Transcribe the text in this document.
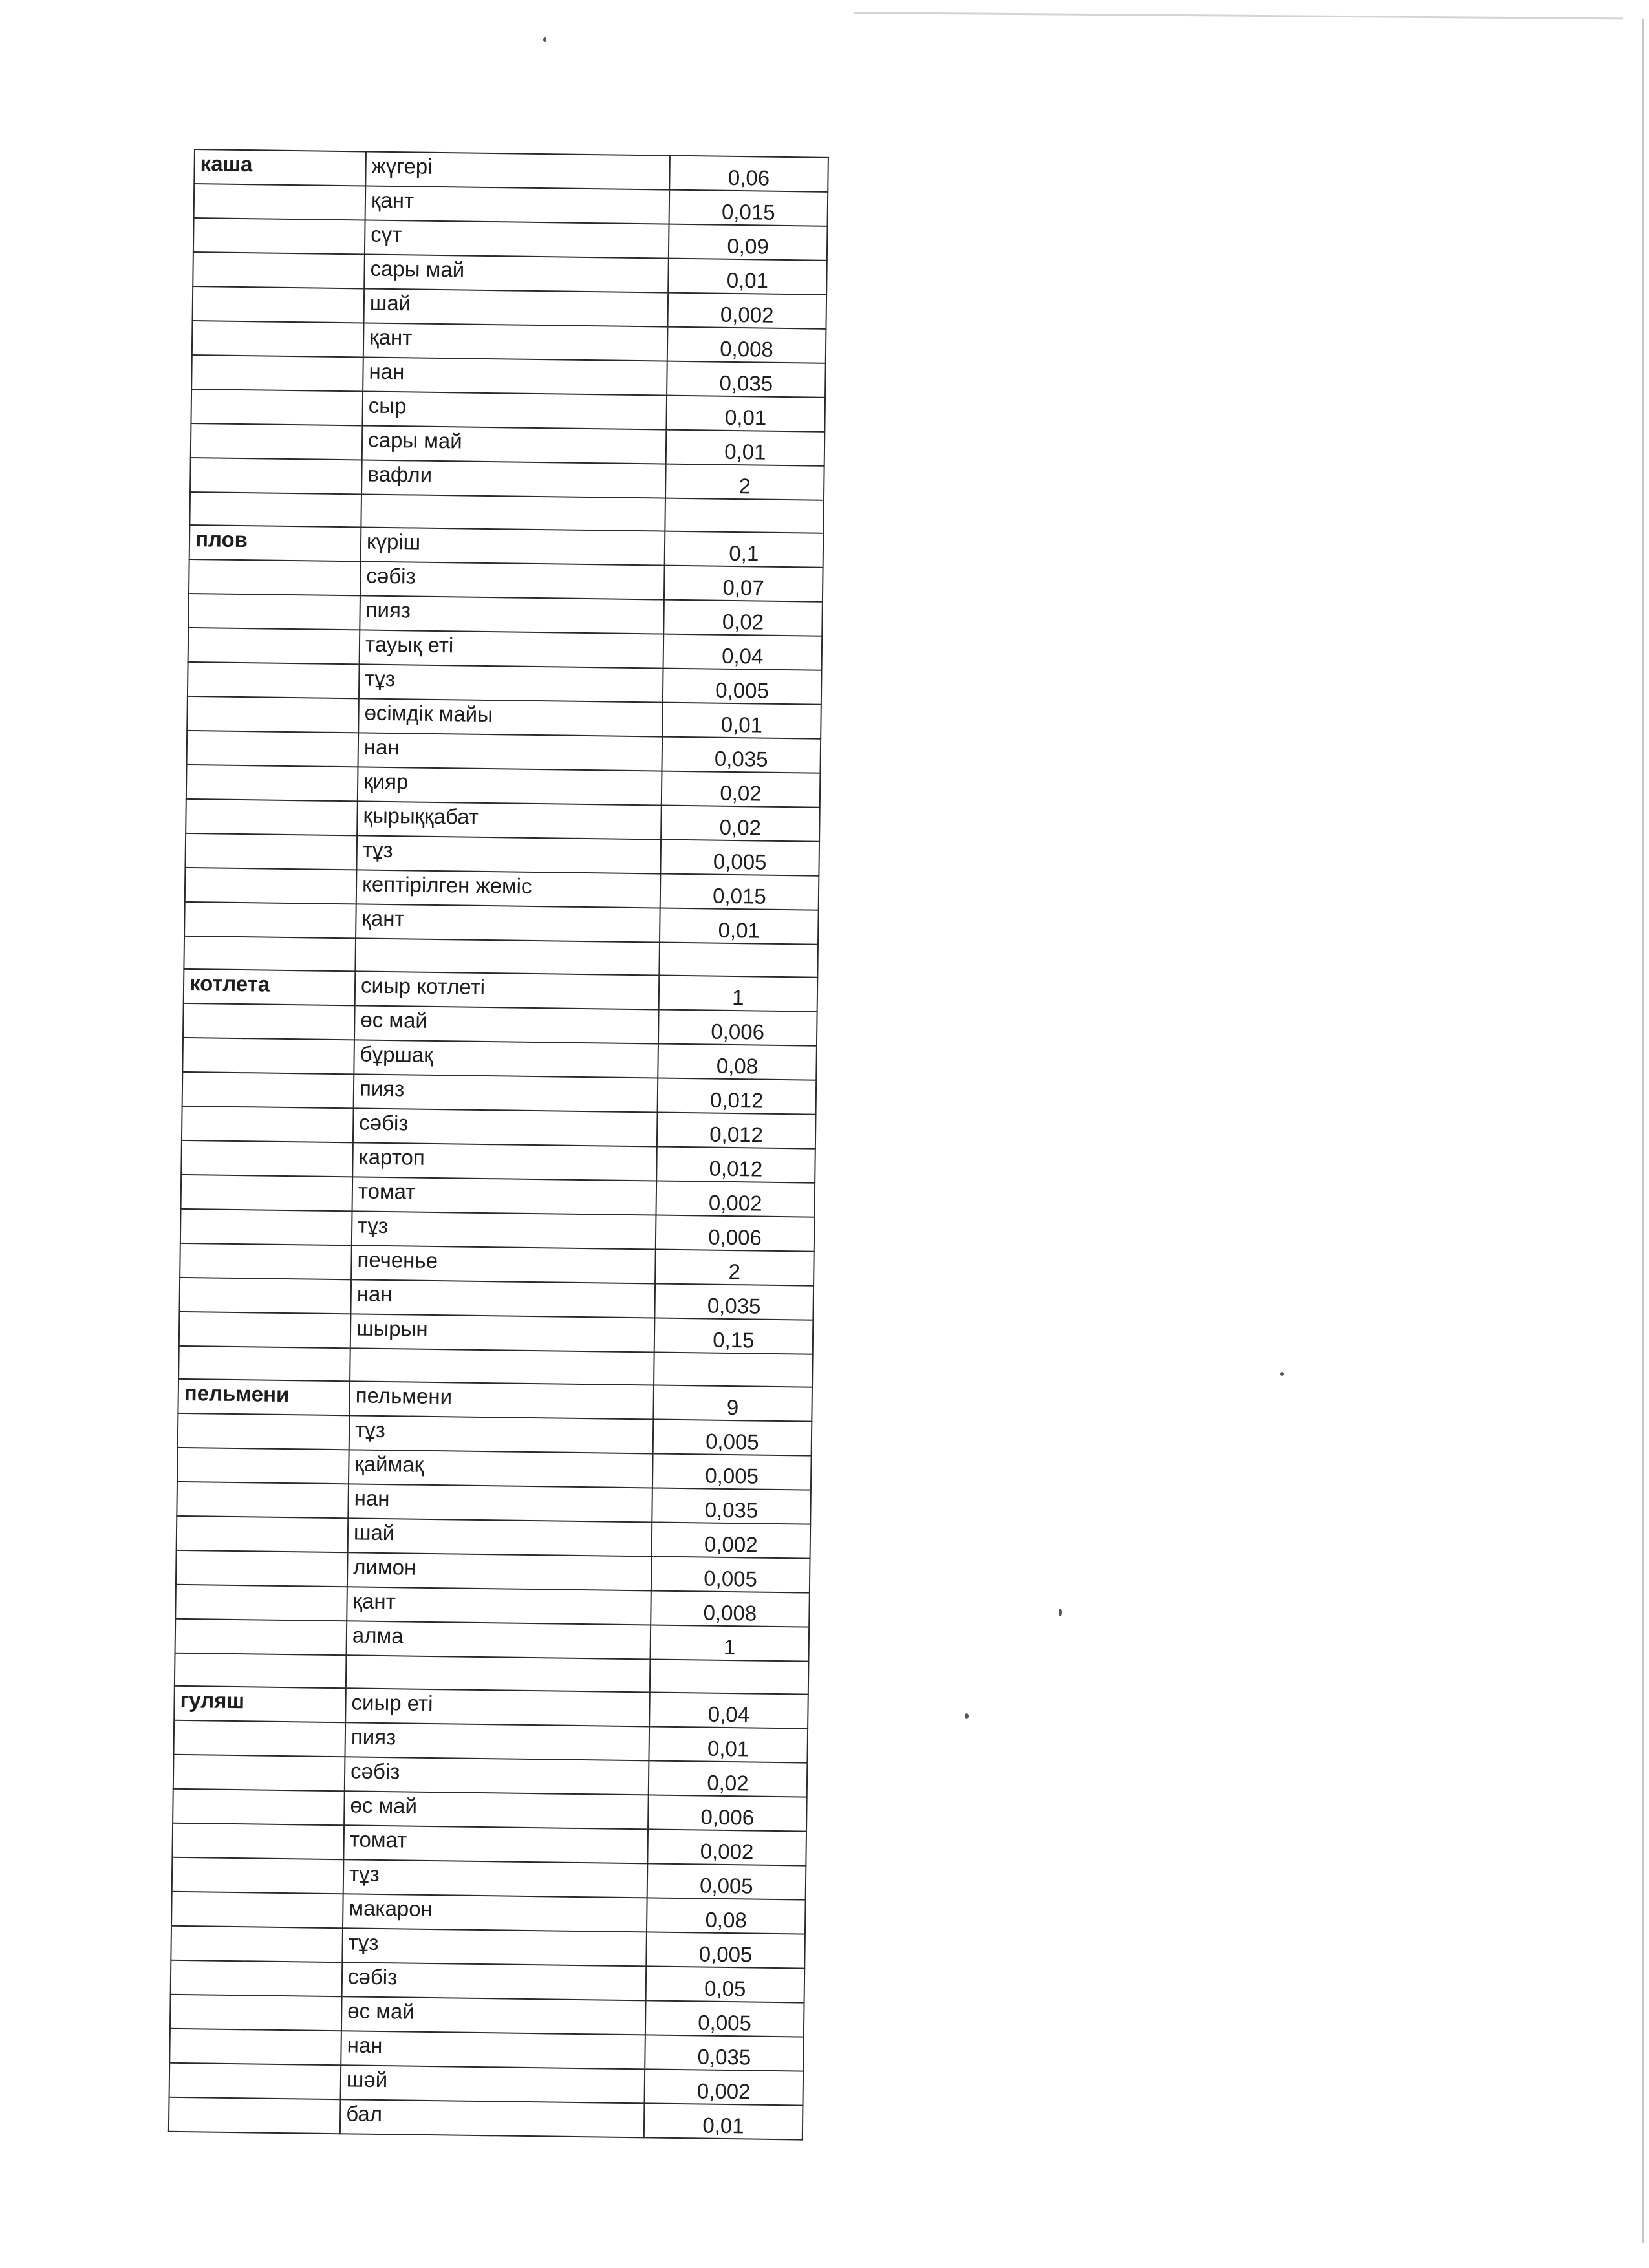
каша	жүгері	0,06
	қант	0,015
	сүт	0,09
	сары май	0,01
	шай	0,002
	қант	0,008
	нан	0,035
	сыр	0,01
	сары май	0,01
	вафли	2

плов	күріш	0,1
	сәбіз	0,07
	пияз	0,02
	тауық еті	0,04
	тұз	0,005
	өсімдік майы	0,01
	нан	0,035
	қияр	0,02
	қырыққабат	0,02
	тұз	0,005
	кептірілген жеміс	0,015
	қант	0,01

котлета	сиыр котлеті	1
	өс май	0,006
	бұршақ	0,08
	пияз	0,012
	сәбіз	0,012
	картоп	0,012
	томат	0,002
	тұз	0,006
	печенье	2
	нан	0,035
	шырын	0,15

пельмени	пельмени	9
	тұз	0,005
	қаймақ	0,005
	нан	0,035
	шай	0,002
	лимон	0,005
	қант	0,008
	алма	1

гуляш	сиыр еті	0,04
	пияз	0,01
	сәбіз	0,02
	өс май	0,006
	томат	0,002
	тұз	0,005
	макарон	0,08
	тұз	0,005
	сәбіз	0,05
	өс май	0,005
	нан	0,035
	шәй	0,002
	бал	0,01
